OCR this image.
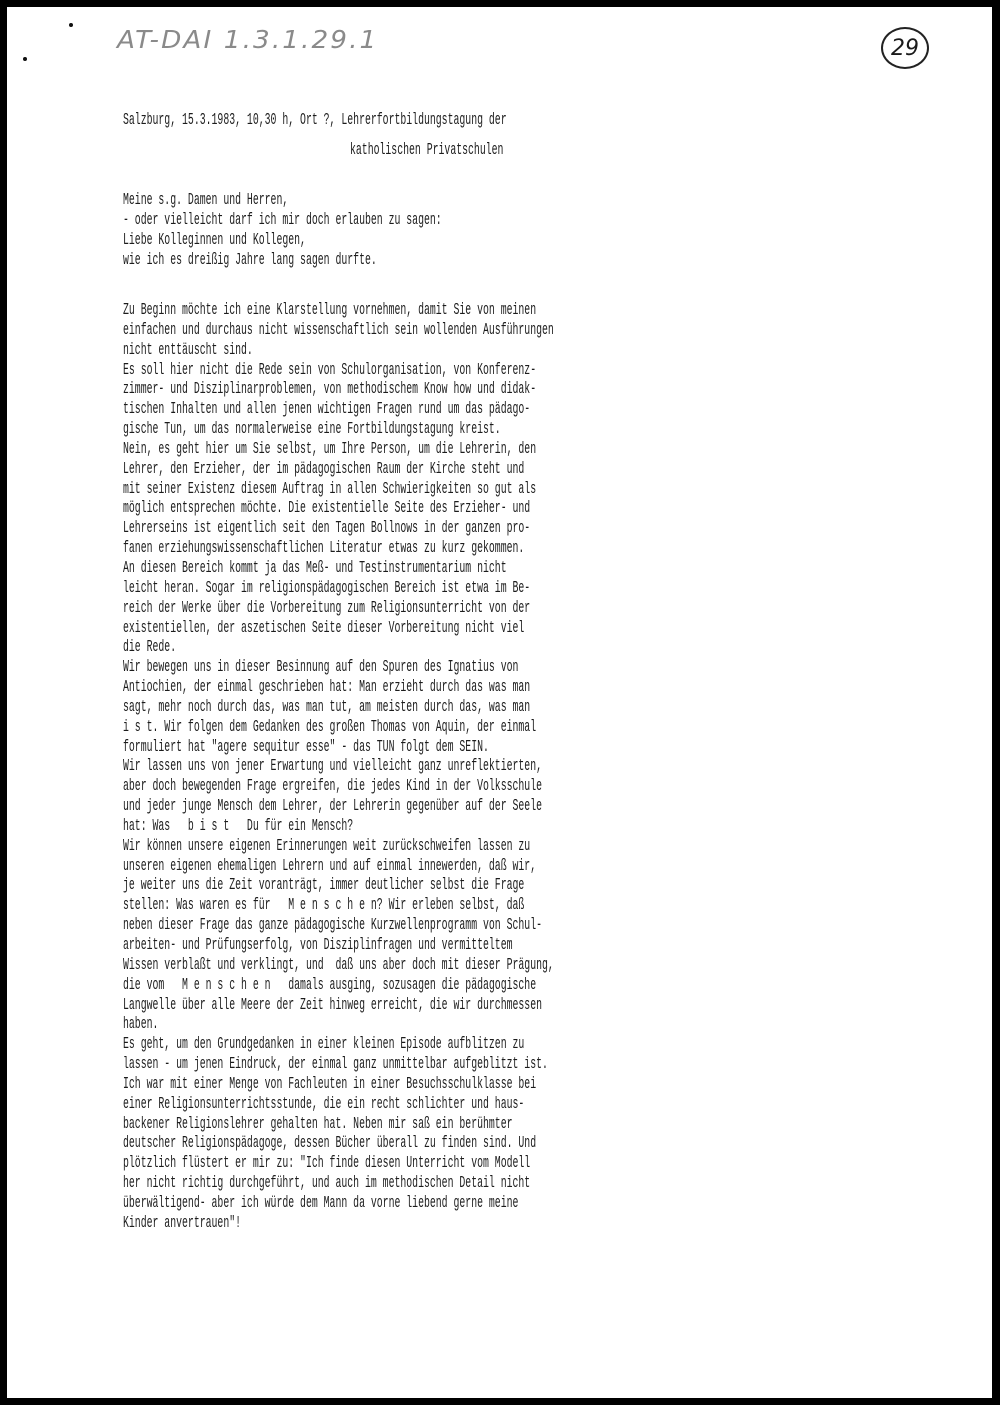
AT-DAI 1.3.1.29.1	29

Salzburg, 15.3.1983, 10,30 h, Ort ?, Lehrerfortbildungstagung der

katholischen Privatschulen

Meine s.g. Damen und Herren,
- oder vielleicht darf ich mir doch erlauben zu sagen:
Liebe Kolleginnen und Kollegen,
wie ich es dreißig Jahre lang sagen durfte.
Zu Beginn möchte ich eine Klarstellung vornehmen, damit Sie von meinen
einfachen und durchaus nicht wissenschaftlich sein wollenden Ausführungen
nicht enttäuscht sind.
Es soll hier nicht die Rede sein von Schulorganisation, von Konferenz-
zimmer- und Disziplinarproblemen, von methodischem Know how und didak-
tischen Inhalten und allen jenen wichtigen Fragen rund um das pädago-
gische Tun, um das normalerweise eine Fortbildungstagung kreist.
Nein, es geht hier um Sie selbst, um Ihre Person, um die Lehrerin, den
Lehrer, den Erzieher, der im pädagogischen Raum der Kirche steht und
mit seiner Existenz diesem Auftrag in allen Schwierigkeiten so gut als
möglich entsprechen möchte. Die existentielle Seite des Erzieher- und
Lehrerseins ist eigentlich seit den Tagen Bollnows in der ganzen pro-
fanen erziehungswissenschaftlichen Literatur etwas zu kurz gekommen.
An diesen Bereich kommt ja das Meß- und Testinstrumentarium nicht
leicht heran. Sogar im religionspädagogischen Bereich ist etwa im Be-
reich der Werke über die Vorbereitung zum Religionsunterricht von der
existentiellen, der aszetischen Seite dieser Vorbereitung nicht viel
die Rede.
Wir bewegen uns in dieser Besinnung auf den Spuren des Ignatius von
Antiochien, der einmal geschrieben hat: Man erzieht durch das was man
sagt, mehr noch durch das, was man tut, am meisten durch das, was man
i s t. Wir folgen dem Gedanken des großen Thomas von Aquin, der einmal
formuliert hat "agere sequitur esse" - das TUN folgt dem SEIN.
Wir lassen uns von jener Erwartung und vielleicht ganz unreflektierten,
aber doch bewegenden Frage ergreifen, die jedes Kind in der Volksschule
und jeder junge Mensch dem Lehrer, der Lehrerin gegenüber auf der Seele
hat: Was   b i s t   Du für ein Mensch?
Wir können unsere eigenen Erinnerungen weit zurückschweifen lassen zu
unseren eigenen ehemaligen Lehrern und auf einmal innewerden, daß wir,
je weiter uns die Zeit voranträgt, immer deutlicher selbst die Frage
stellen: Was waren es für   M e n s c h e n? Wir erleben selbst, daß
neben dieser Frage das ganze pädagogische Kurzwellenprogramm von Schul-
arbeiten- und Prüfungserfolg, von Disziplinfragen und vermitteltem
Wissen verblaßt und verklingt, und  daß uns aber doch mit dieser Prägung,
die vom   M e n s c h e n   damals ausging, sozusagen die pädagogische
Langwelle über alle Meere der Zeit hinweg erreicht, die wir durchmessen
haben.
Es geht, um den Grundgedanken in einer kleinen Episode aufblitzen zu
lassen - um jenen Eindruck, der einmal ganz unmittelbar aufgeblitzt ist.
Ich war mit einer Menge von Fachleuten in einer Besuchsschulklasse bei
einer Religionsunterrichtsstunde, die ein recht schlichter und haus-
backener Religionslehrer gehalten hat. Neben mir saß ein berühmter
deutscher Religionspädagoge, dessen Bücher überall zu finden sind. Und
plötzlich flüstert er mir zu: "Ich finde diesen Unterricht vom Modell
her nicht richtig durchgeführt, und auch im methodischen Detail nicht
überwältigend- aber ich würde dem Mann da vorne liebend gerne meine
Kinder anvertrauen"!
